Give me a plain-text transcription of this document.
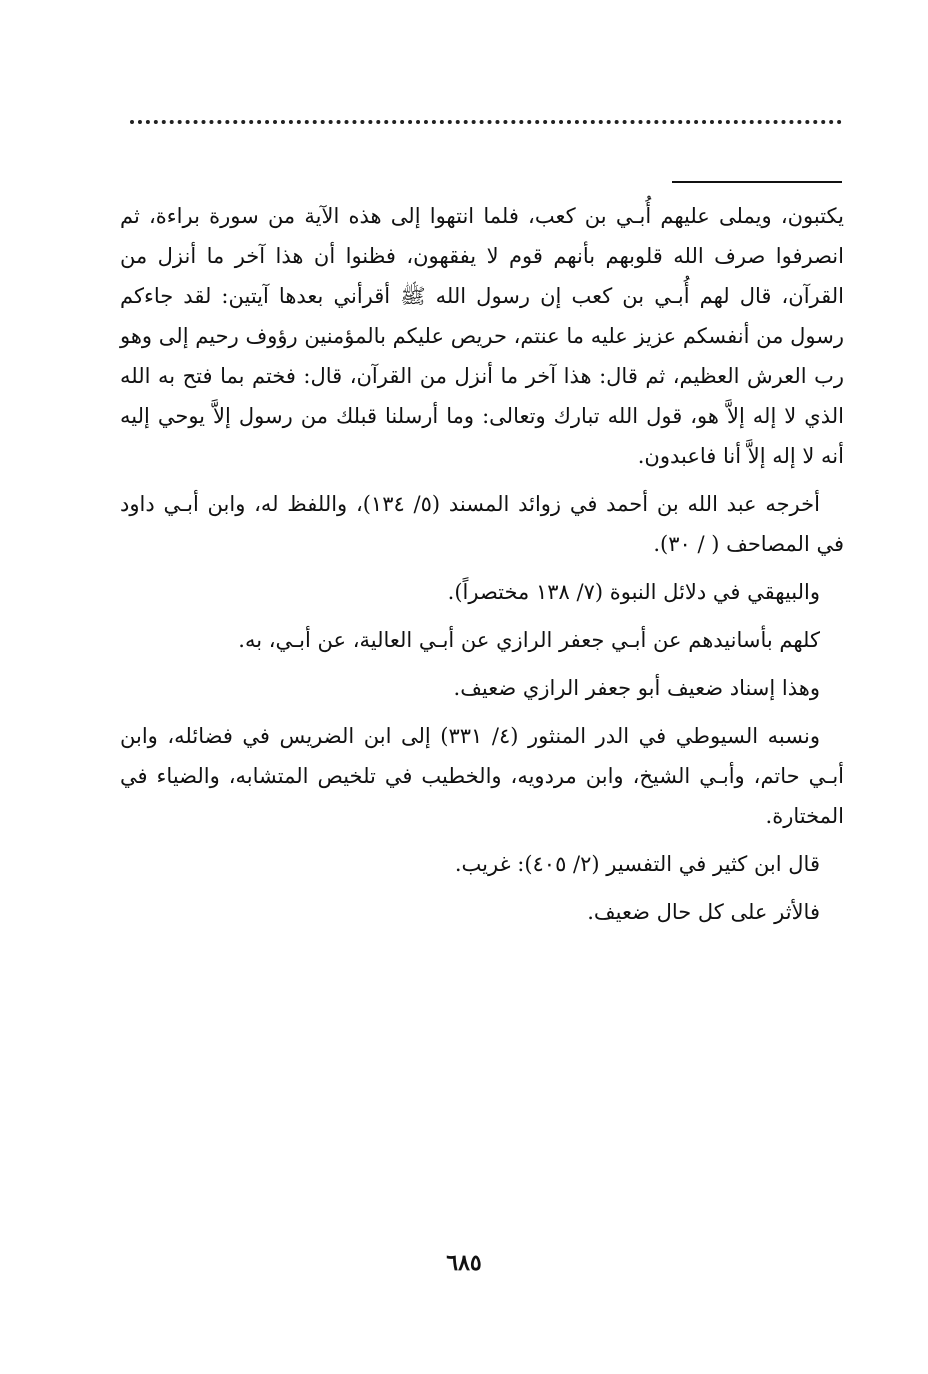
يكتبون، ويملى عليهم أُبـي بن كعب، فلما انتهوا إلى هذه الآية من سورة براءة، ثم انصرفوا صرف الله قلوبهم بأنهم قوم لا يفقهون، فظنوا أن هذا آخر ما أنزل من القرآن، قال لهم أُبـي بن كعب إن رسول الله ﷺ أقرأني بعدها آيتين: لقد جاءكم رسول من أنفسكم عزيز عليه ما عنتم، حريص عليكم بالمؤمنين رؤوف رحيم إلى وهو رب العرش العظيم، ثم قال: هذا آخر ما أنزل من القرآن، قال: فختم بما فتح به الله الذي لا إله إلاَّ هو، قول الله تبارك وتعالى: وما أرسلنا قبلك من رسول إلاَّ يوحي إليه أنه لا إله إلاَّ أنا فاعبدون.

أخرجه عبد الله بن أحمد في زوائد المسند (٥/ ١٣٤)، واللفظ له، وابن أبـي داود في المصاحف ( / ٣٠).

والبيهقي في دلائل النبوة (٧/ ١٣٨ مختصراً).

كلهم بأسانيدهم عن أبـي جعفر الرازي عن أبـي العالية، عن أبـي، به.

وهذا إسناد ضعيف أبو جعفر الرازي ضعيف.

ونسبه السيوطي في الدر المنثور (٤/ ٣٣١) إلى ابن الضريس في فضائله، وابن أبـي حاتم، وأبـي الشيخ، وابن مردويه، والخطيب في تلخيص المتشابه، والضياء في المختارة.

قال ابن كثير في التفسير (٢/ ٤٠٥): غريب.

فالأثر على كل حال ضعيف.

٦٨٥
